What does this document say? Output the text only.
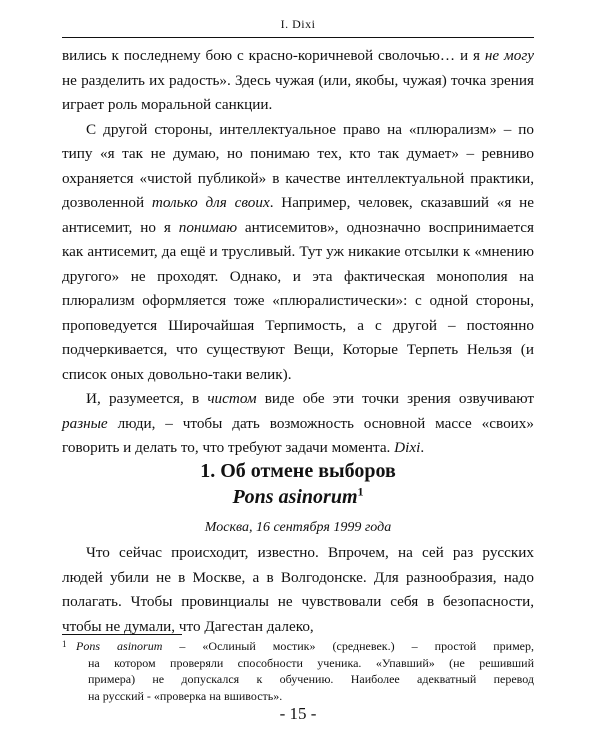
I. Dixi

вились к последнему бою с красно-коричневой сволочью… и я не могу не разделить их радость». Здесь чужая (или, якобы, чужая) точка зрения играет роль моральной санкции.

С другой стороны, интеллектуальное право на «плюрализм» – по типу «я так не думаю, но понимаю тех, кто так думает» – ревниво охраняется «чистой публикой» в качестве интеллектуальной практики, дозволенной только для своих. Например, человек, сказавший «я не антисемит, но я понимаю антисемитов», однозначно воспринимается как антисемит, да ещё и трусливый. Тут уж никакие отсылки к «мнению другого» не проходят. Однако, и эта фактическая монополия на плюрализм оформляется тоже «плюралистически»: с одной стороны, проповедуется Широчайшая Терпимость, а с другой – постоянно подчеркивается, что существуют Вещи, Которые Терпеть Нельзя (и список оных довольно-таки велик).

И, разумеется, в чистом виде обе эти точки зрения озвучивают разные люди, – чтобы дать возможность основной массе «своих» говорить и делать то, что требуют задачи момента. Dixi.

1. Об отмене выборов
Pons asinorum$^1$
Москва, 16 сентября 1999 года

Что сейчас происходит, известно. Впрочем, на сей раз русских людей убили не в Москве, а в Волгодонске. Для разнообразия, надо полагать. Чтобы провинциалы не чувствовали себя в безопасности, чтобы не думали, что Дагестан далеко,

1 Pons asinorum – «Ослиный мостик» (средневек.) – простой пример,
на котором проверяли способности ученика. «Упавший» (не решивший
примера) не допускался к обучению. Наиболее адекватный перевод
на русский - «проверка на вшивость».
- 15 -
